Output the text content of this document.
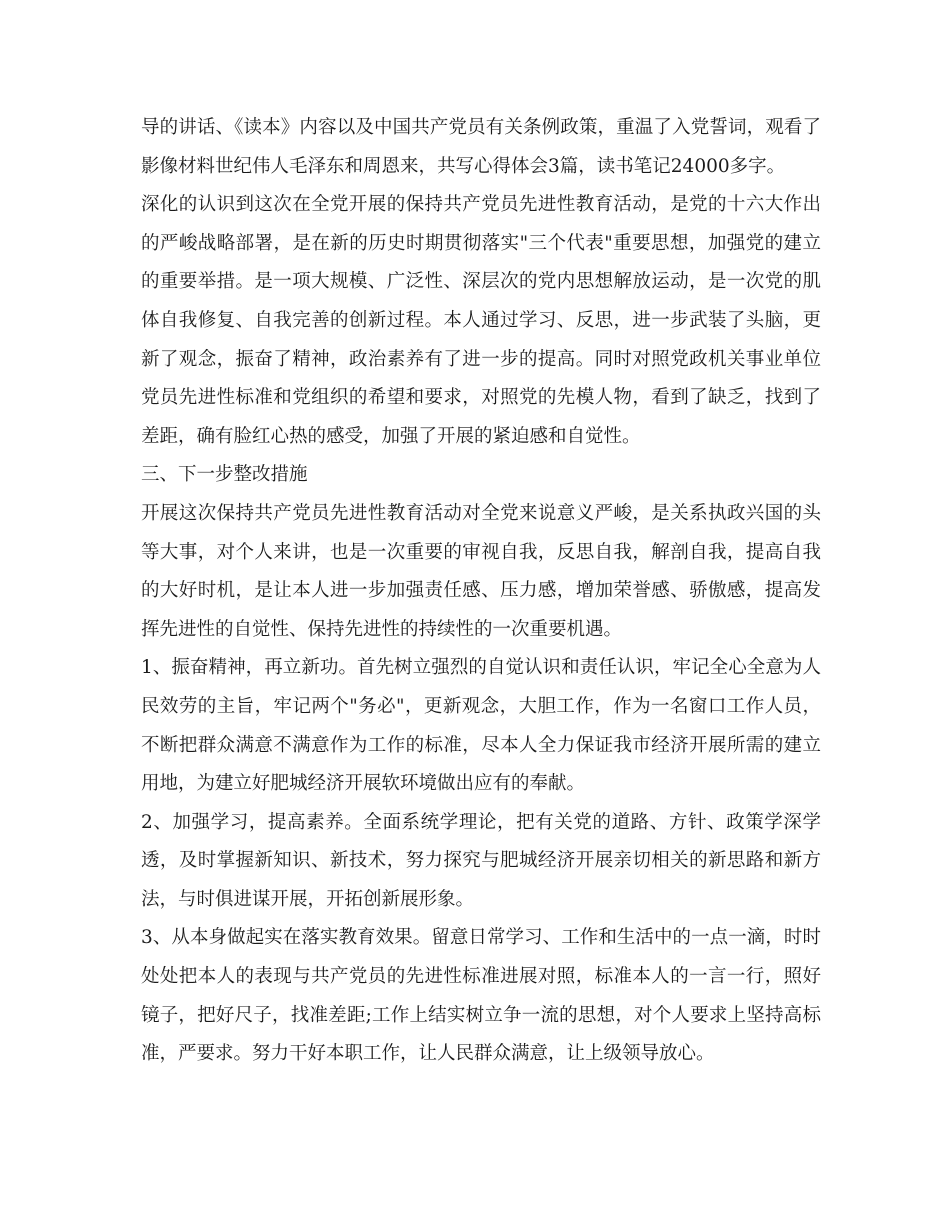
导的讲话、《读本》内容以及中国共产党员有关条例政策，重温了入党誓词，观看了影像材料世纪伟人毛泽东和周恩来，共写心得体会3篇，读书笔记24000多字。

深化的认识到这次在全党开展的保持共产党员先进性教育活动，是党的十六大作出的严峻战略部署，是在新的历史时期贯彻落实"三个代表"重要思想，加强党的建立的重要举措。是一项大规模、广泛性、深层次的党内思想解放运动，是一次党的肌体自我修复、自我完善的创新过程。本人通过学习、反思，进一步武装了头脑，更新了观念，振奋了精神，政治素养有了进一步的提高。同时对照党政机关事业单位党员先进性标准和党组织的希望和要求，对照党的先模人物，看到了缺乏，找到了差距，确有脸红心热的感受，加强了开展的紧迫感和自觉性。

三、下一步整改措施

开展这次保持共产党员先进性教育活动对全党来说意义严峻，是关系执政兴国的头等大事，对个人来讲，也是一次重要的审视自我，反思自我，解剖自我，提高自我的大好时机，是让本人进一步加强责任感、压力感，增加荣誉感、骄傲感，提高发挥先进性的自觉性、保持先进性的持续性的一次重要机遇。

1、振奋精神，再立新功。首先树立强烈的自觉认识和责任认识，牢记全心全意为人民效劳的主旨，牢记两个"务必"，更新观念，大胆工作，作为一名窗口工作人员，不断把群众满意不满意作为工作的标准，尽本人全力保证我市经济开展所需的建立用地，为建立好肥城经济开展软环境做出应有的奉献。

2、加强学习，提高素养。全面系统学理论，把有关党的道路、方针、政策学深学透，及时掌握新知识、新技术，努力探究与肥城经济开展亲切相关的新思路和新方法，与时俱进谋开展，开拓创新展形象。

3、从本身做起实在落实教育效果。留意日常学习、工作和生活中的一点一滴，时时处处把本人的表现与共产党员的先进性标准进展对照，标准本人的一言一行，照好镜子，把好尺子，找准差距;工作上结实树立争一流的思想，对个人要求上坚持高标准，严要求。努力干好本职工作，让人民群众满意，让上级领导放心。
